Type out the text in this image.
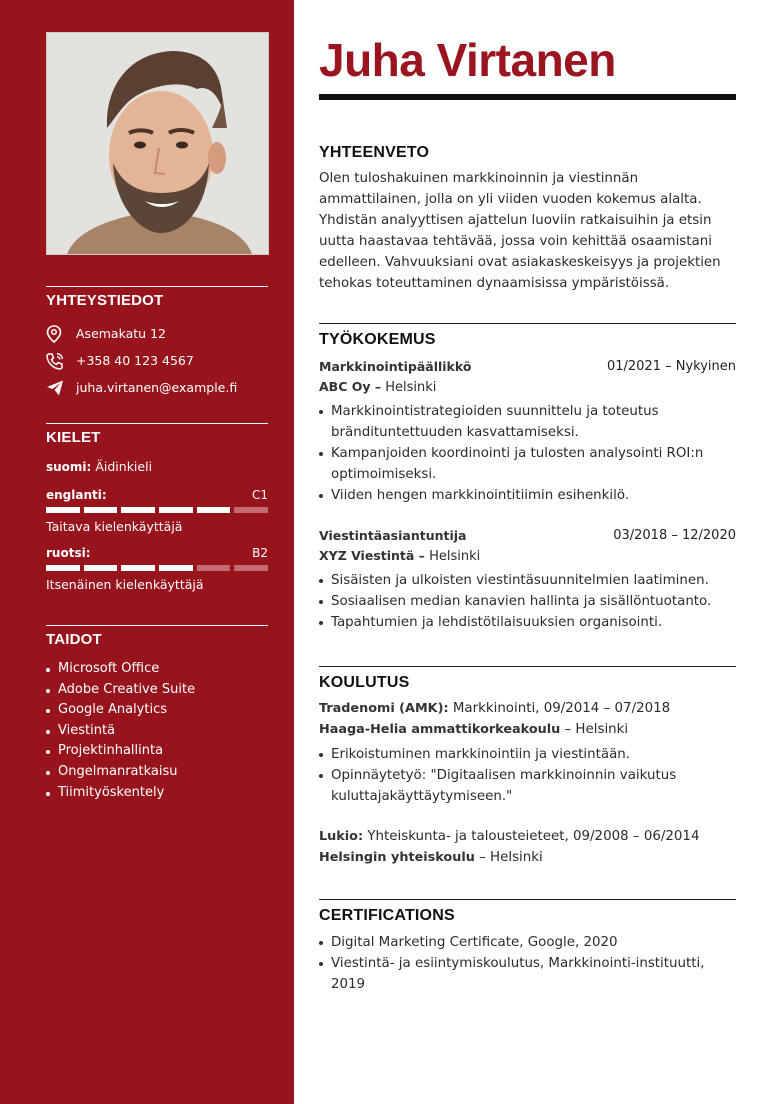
YHTEYSTIEDOT
Asemakatu 12
+358 40 123 4567
juha.virtanen@example.fi
KIELET
suomi: Äidinkieli
englanti:	C1
Taitava kielenkäyttäjä
ruotsi:	B2
Itsenäinen kielenkäyttäjä
TAIDOT
Microsoft Office
Adobe Creative Suite
Google Analytics
Viestintä
Projektinhallinta
Ongelmanratkaisu
Tiimityöskentely
Juha Virtanen
YHTEENVETO

Olen tuloshakuinen markkinoinnin ja viestinnän ammattilainen, jolla on yli viiden vuoden kokemus alalta. Yhdistän analyyttisen ajattelun luoviin ratkaisuihin ja etsin uutta haastavaa tehtävää, jossa voin kehittää osaamistani edelleen. Vahvuuksiani ovat asiakaskeskeisyys ja projektien tehokas toteuttaminen dynaamisissa ympäristöissä.

TYÖKOKEMUS
Markkinointipäällikkö	01/2021 – Nykyinen
ABC Oy – Helsinki
Markkinointistrategioiden suunnittelu ja toteutus brändituntettuuden kasvattamiseksi.
Kampanjoiden koordinointi ja tulosten analysointi ROI:n optimoimiseksi.
Viiden hengen markkinointitiimin esihenkilö.
Viestintäasiantuntija	03/2018 – 12/2020
XYZ Viestintä – Helsinki
Sisäisten ja ulkoisten viestintäsuunnitelmien laatiminen.
Sosiaalisen median kanavien hallinta ja sisällöntuotanto.
Tapahtumien ja lehdistötilaisuuksien organisointi.
KOULUTUS
Tradenomi (AMK): Markkinointi, 09/2014 – 07/2018
Haaga-Helia ammattikorkeakoulu – Helsinki
Erikoistuminen markkinointiin ja viestintään.
Opinnäytetyö: "Digitaalisen markkinoinnin vaikutus kuluttajakäyttäytymiseen."
Lukio: Yhteiskunta- ja talousteieteet, 09/2008 – 06/2014
Helsingin yhteiskoulu – Helsinki
CERTIFICATIONS
Digital Marketing Certificate, Google, 2020
Viestintä- ja esiintymiskoulutus, Markkinointi-instituutti, 2019
